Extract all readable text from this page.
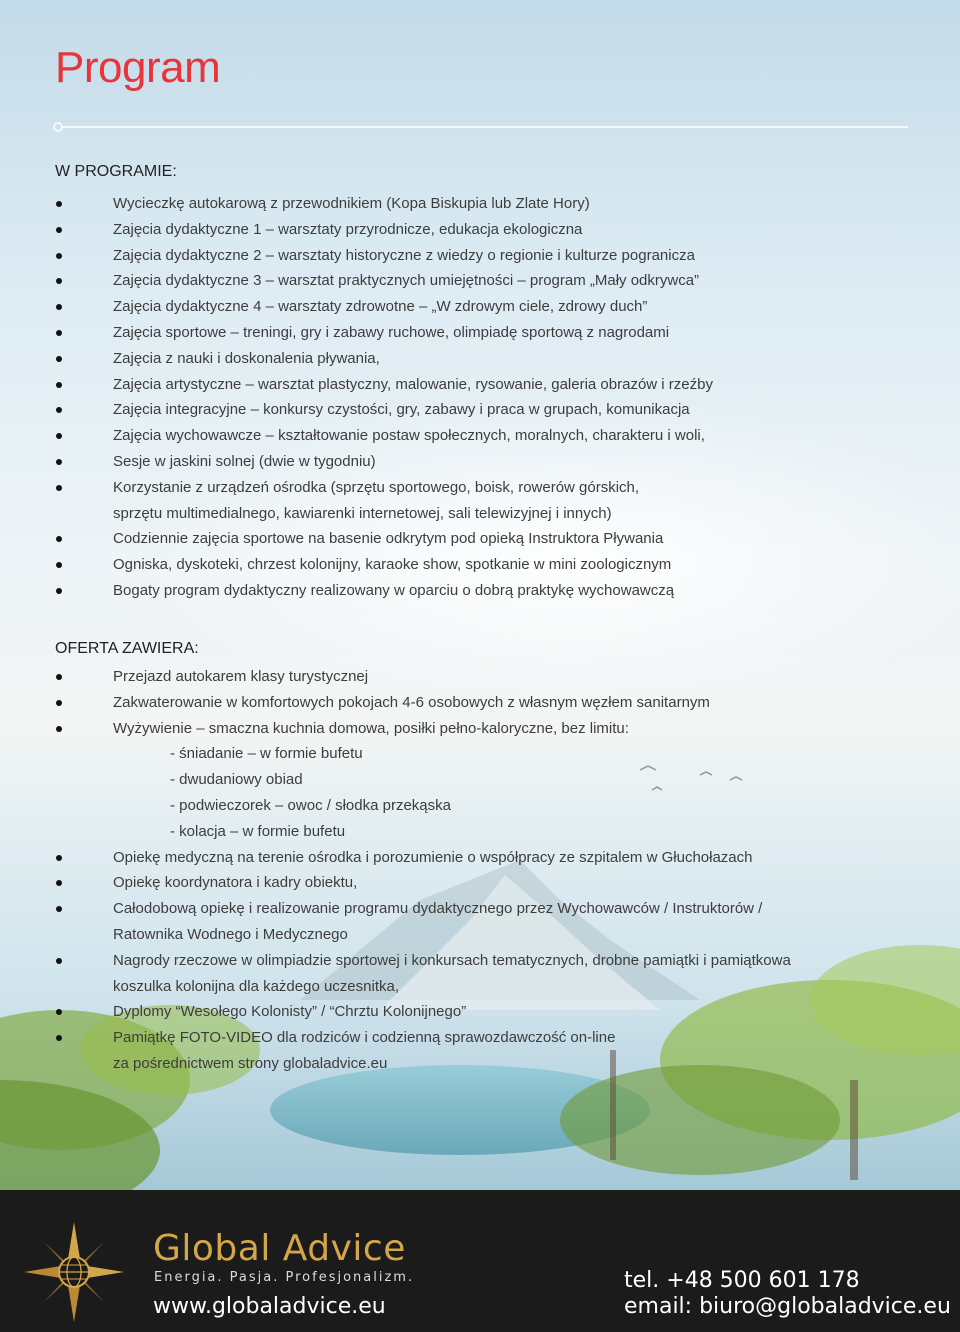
Program
W PROGRAMIE:
Wycieczkę autokarową z przewodnikiem (Kopa Biskupia lub Zlate Hory)
Zajęcia dydaktyczne 1 – warsztaty przyrodnicze, edukacja ekologiczna
Zajęcia dydaktyczne 2 – warsztaty historyczne z wiedzy o regionie i kulturze pogranicza
Zajęcia dydaktyczne 3 – warsztat praktycznych umiejętności – program „Mały odkrywca”
Zajęcia dydaktyczne 4 – warsztaty zdrowotne – „W zdrowym ciele, zdrowy duch”
Zajęcia sportowe – treningi, gry i zabawy ruchowe, olimpiadę sportową z nagrodami
Zajęcia z nauki i doskonalenia pływania,
Zajęcia artystyczne – warsztat plastyczny, malowanie, rysowanie, galeria obrazów i rzeźby
Zajęcia integracyjne – konkursy czystości, gry, zabawy i praca w grupach, komunikacja
Zajęcia wychowawcze – kształtowanie postaw społecznych, moralnych, charakteru i woli,
Sesje w jaskini solnej (dwie w tygodniu)
Korzystanie z urządzeń ośrodka (sprzętu sportowego, boisk, rowerów górskich,
sprzętu multimedialnego, kawiarenki internetowej, sali telewizyjnej i innych)
Codziennie zajęcia sportowe na basenie odkrytym pod opieką Instruktora Pływania
Ogniska, dyskoteki, chrzest kolonijny, karaoke show, spotkanie w mini zoologicznym
Bogaty program dydaktyczny realizowany w oparciu o dobrą praktykę wychowawczą
OFERTA ZAWIERA:
Przejazd autokarem klasy turystycznej
Zakwaterowanie w komfortowych pokojach 4-6 osobowych z własnym węzłem sanitarnym
Wyżywienie – smaczna kuchnia domowa, posiłki pełno-kaloryczne, bez limitu:
- śniadanie – w formie bufetu
- dwudaniowy obiad
- podwieczorek – owoc / słodka przekąska
- kolacja – w formie bufetu
Opiekę medyczną na terenie ośrodka i porozumienie o współpracy ze szpitalem w Głuchołazach
Opiekę koordynatora i kadry obiektu,
Całodobową opiekę i realizowanie programu dydaktycznego przez Wychowawców / Instruktorów /
Ratownika Wodnego i Medycznego
Nagrody rzeczowe w olimpiadzie sportowej i konkursach tematycznych, drobne pamiątki i pamiątkowa
koszulka kolonijna dla każdego uczesnitka,
Dyplomy “Wesołego Kolonisty” / “Chrztu Kolonijnego”
Pamiątkę FOTO-VIDEO dla rodziców i codzienną sprawozdawczość on-line
za pośrednictwem strony globaladvice.eu
Global Advice
Energia. Pasja. Profesjonalizm.
www.globaladvice.eu
tel. +48 500 601 178
email: biuro@globaladvice.eu
